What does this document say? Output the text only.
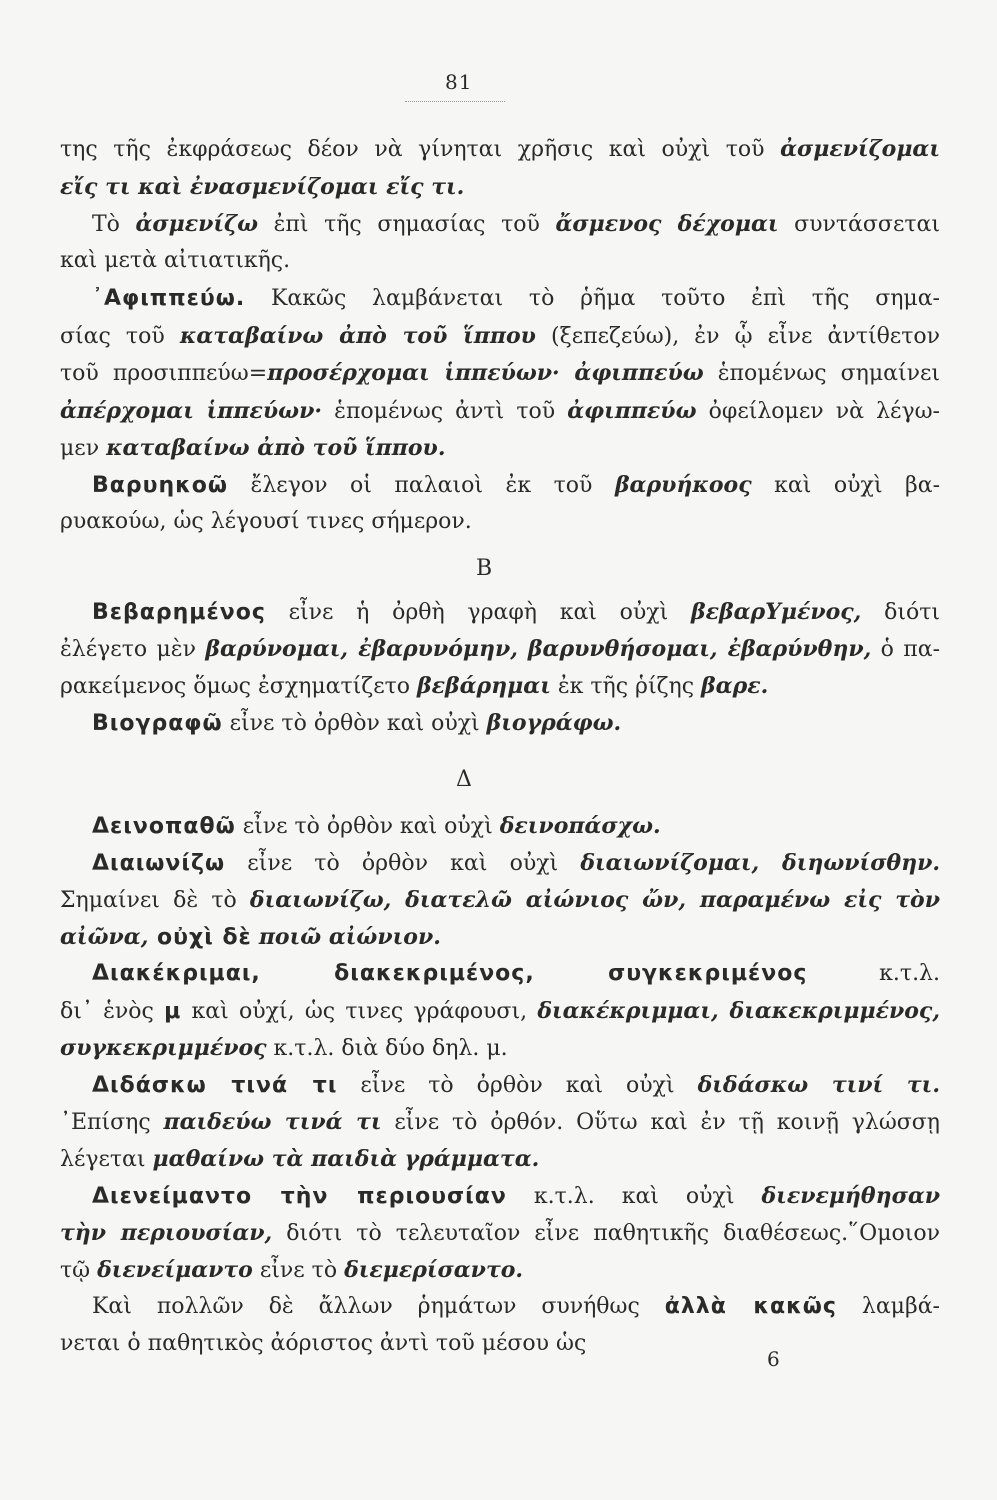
81
της τῆς ἐκφράσεως δέον νὰ γίνηται χρῆσις καὶ οὐχὶ τοῦ ἀσμενίζομαι
εἴς τι καὶ ἐνασμενίζομαι εἴς τι.
Τὸ ἀσμενίζω ἐπὶ τῆς σημασίας τοῦ ἄσμενος δέχομαι συντάσσεται
καὶ μετὰ αἰτιατικῆς.
᾿Αφιππεύω. Κακῶς λαμβάνεται τὸ ῥῆμα τοῦτο ἐπὶ τῆς σημα-
σίας τοῦ καταβαίνω ἀπὸ τοῦ ἵππου (ξεπεζεύω), ἐν ᾧ εἶνε ἀντίθετον
τοῦ προσιππεύω=προσέρχομαι ἱππεύων· ἀφιππεύω ἑπομένως σημαίνει
ἀπέρχομαι ἱππεύων· ἑπομένως ἀντὶ τοῦ ἀφιππεύω ὀφείλομεν νὰ λέγω-
μεν καταβαίνω ἀπὸ τοῦ ἵππου.
Βαρυηκοῶ ἔλεγον οἱ παλαιοὶ ἐκ τοῦ βαρυήκοος καὶ οὐχὶ βα-
ρυακούω, ὡς λέγουσί τινες σήμερον.
Β
Βεβαρημένος εἶνε ἡ ὀρθὴ γραφὴ καὶ οὐχὶ βεβαρΥμένος, διότι
ἐλέγετο μὲν βαρύνομαι, ἐβαρυνόμην, βαρυνθήσομαι, ἐβαρύνθην, ὁ πα-
ρακείμενος ὅμως ἐσχηματίζετο βεβάρημαι ἐκ τῆς ῥίζης βαρε.
Βιογραφῶ εἶνε τὸ ὀρθὸν καὶ οὐχὶ βιογράφω.
Δ
Δεινοπαθῶ εἶνε τὸ ὀρθὸν καὶ οὐχὶ δεινοπάσχω.
Διαιωνίζω εἶνε τὸ ὀρθὸν καὶ οὐχὶ διαιωνίζομαι, διηωνίσθην.
Σημαίνει δὲ τὸ διαιωνίζω, διατελῶ αἰώνιος ὤν, παραμένω εἰς τὸν
αἰῶνα, οὐχὶ δὲ ποιῶ αἰώνιον.
Διακέκριμαι, διακεκριμένος, συγκεκριμένος κ.τ.λ.
δι᾿ ἑνὸς μ καὶ οὐχί, ὡς τινες γράφουσι, διακέκριμμαι, διακεκριμμένος,
συγκεκριμμένος κ.τ.λ. διὰ δύο δηλ. μ.
Διδάσκω τινά τι εἶνε τὸ ὀρθὸν καὶ οὐχὶ διδάσκω τινί τι.
᾿Επίσης παιδεύω τινά τι εἶνε τὸ ὀρθόν. Οὕτω καὶ ἐν τῇ κοινῇ γλώσσῃ
λέγεται μαθαίνω τὰ παιδιὰ γράμματα.
Διενείμαντο τὴν περιουσίαν κ.τ.λ. καὶ οὐχὶ διενεμήθησαν
τὴν περιουσίαν, διότι τὸ τελευταῖον εἶνε παθητικῆς διαθέσεως.῞Ομοιον
τῷ διενείμαντο εἶνε τὸ διεμερίσαντο.
Καὶ πολλῶν δὲ ἄλλων ῥημάτων συνήθως ἀλλὰ κακῶς λαμβά-
νεται ὁ παθητικὸς ἀόριστος ἀντὶ τοῦ μέσου ὡς
6
